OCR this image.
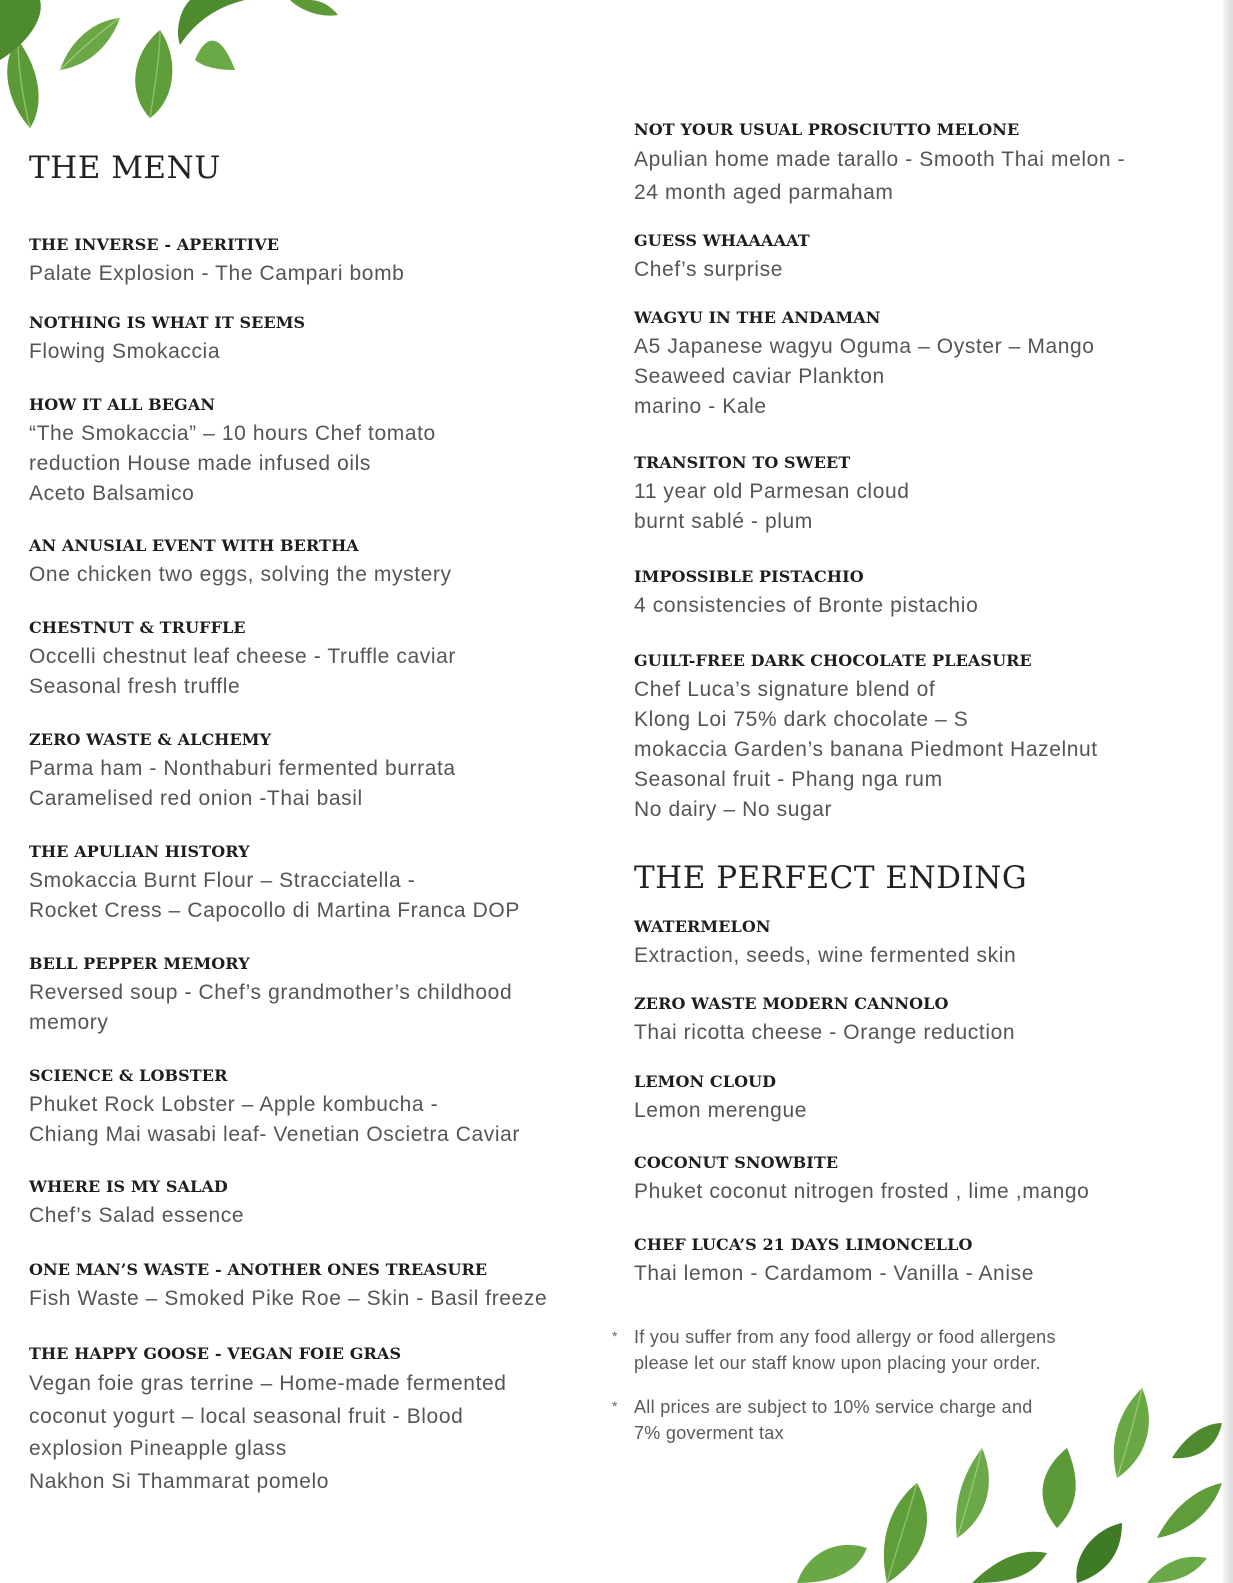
THE MENU
THE PERFECT ENDING
THE INVERSE - APERITIVE
Palate Explosion - The Campari bomb
NOTHING IS WHAT IT SEEMS
Flowing Smokaccia
HOW IT ALL BEGAN
“The Smokaccia” – 10 hours Chef tomato
reduction House made infused oils
Aceto Balsamico
AN ANUSIAL EVENT WITH BERTHA
One chicken two eggs, solving the mystery
CHESTNUT & TRUFFLE
Occelli chestnut leaf cheese - Truffle caviar
Seasonal fresh truffle
ZERO WASTE & ALCHEMY
Parma ham - Nonthaburi fermented burrata
Caramelised red onion -Thai basil
THE APULIAN HISTORY
Smokaccia Burnt Flour – Stracciatella -
Rocket Cress – Capocollo di Martina Franca DOP
BELL PEPPER MEMORY
Reversed soup - Chef’s grandmother’s childhood
memory
SCIENCE & LOBSTER
Phuket Rock Lobster – Apple kombucha -
Chiang Mai wasabi leaf- Venetian Oscietra Caviar
WHERE IS MY SALAD
Chef’s Salad essence
ONE MAN’S WASTE - ANOTHER ONES TREASURE
Fish Waste – Smoked Pike Roe – Skin - Basil freeze
THE HAPPY GOOSE - VEGAN FOIE GRAS
Vegan foie gras terrine – Home-made fermented
coconut yogurt – local seasonal fruit - Blood
explosion Pineapple glass
Nakhon Si Thammarat pomelo
NOT YOUR USUAL PROSCIUTTO MELONE
Apulian home made tarallo - Smooth Thai melon -
24 month aged parmaham
GUESS WHAAAAAT
Chef’s surprise
WAGYU IN THE ANDAMAN
A5 Japanese wagyu Oguma – Oyster – Mango
Seaweed caviar Plankton
marino - Kale
TRANSITON TO SWEET
11 year old Parmesan cloud
burnt sablé - plum
IMPOSSIBLE PISTACHIO
4 consistencies of Bronte pistachio
GUILT-FREE DARK CHOCOLATE PLEASURE
Chef Luca’s signature blend of
Klong Loi 75% dark chocolate – S
mokaccia Garden’s banana Piedmont Hazelnut
Seasonal fruit - Phang nga rum
No dairy – No sugar
WATERMELON
Extraction, seeds, wine fermented skin
ZERO WASTE MODERN CANNOLO
Thai ricotta cheese - Orange reduction
LEMON CLOUD
Lemon merengue
COCONUT SNOWBITE
Phuket coconut nitrogen frosted , lime ,mango
CHEF LUCA’S 21 DAYS LIMONCELLO
Thai lemon - Cardamom - Vanilla - Anise
* If you suffer from any food allergy or food allergens
please let our staff know upon placing your order.
* All prices are subject to 10% service charge and
7% goverment tax
